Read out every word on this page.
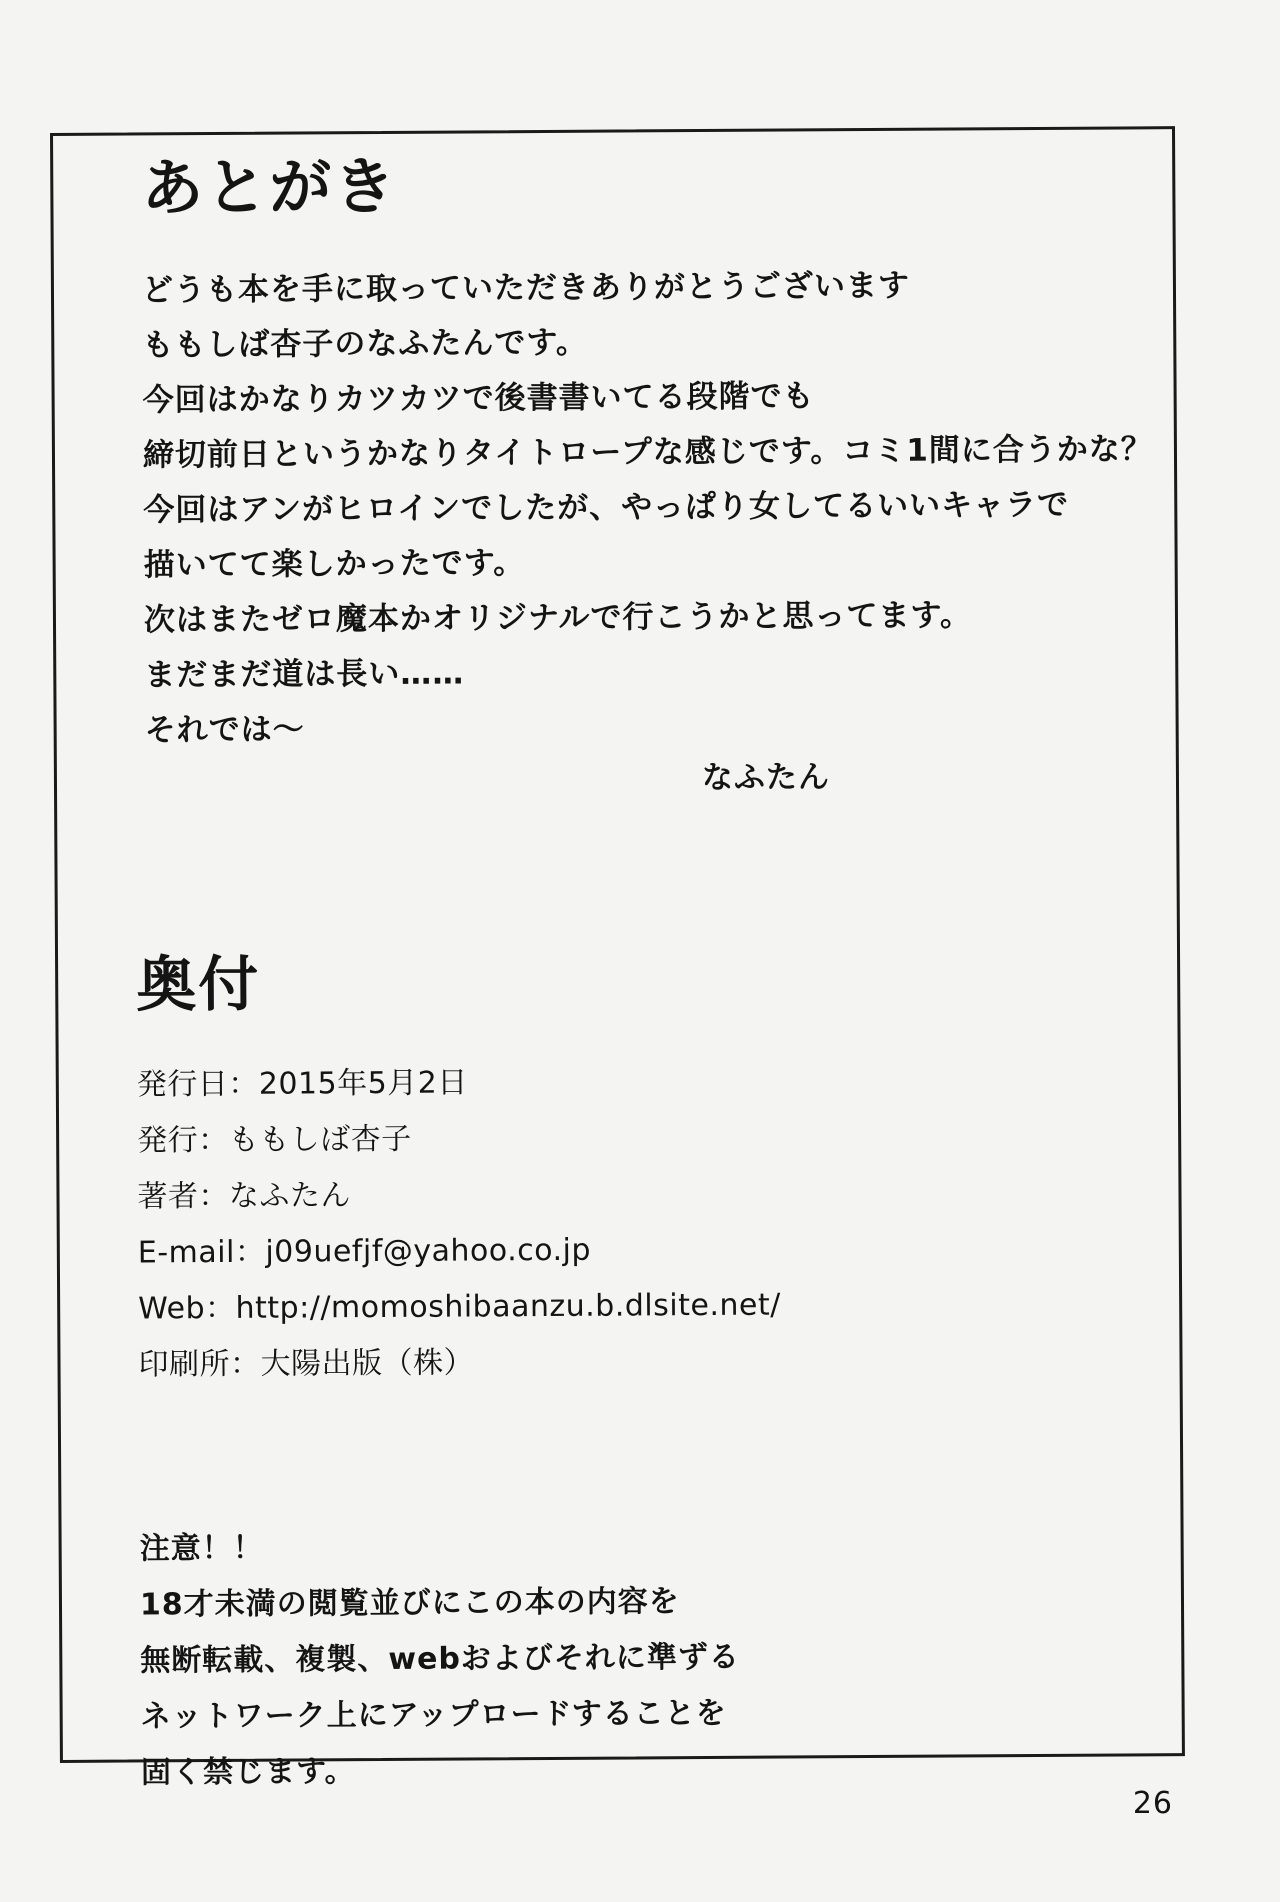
あとがき
どうも本を手に取っていただきありがとうございます
ももしば杏子のなふたんです。
今回はかなりカツカツで後書書いてる段階でも
締切前日というかなりタイトロープな感じです。コミ1間に合うかな？
今回はアンがヒロインでしたが、やっぱり女してるいいキャラで
描いてて楽しかったです。
次はまたゼロ魔本かオリジナルで行こうかと思ってます。
まだまだ道は長い……
それでは～
なふたん
奥付
発行日：2015年5月2日
発行：ももしば杏子
著者：なふたん
E-mail：j09uefjf@yahoo.co.jp
Web：http://momoshibaanzu.b.dlsite.net/
印刷所：大陽出版（株）
注意！！
18才未満の閲覧並びにこの本の内容を
無断転載、複製、webおよびそれに準ずる
ネットワーク上にアップロードすることを
固く禁じます。
26
